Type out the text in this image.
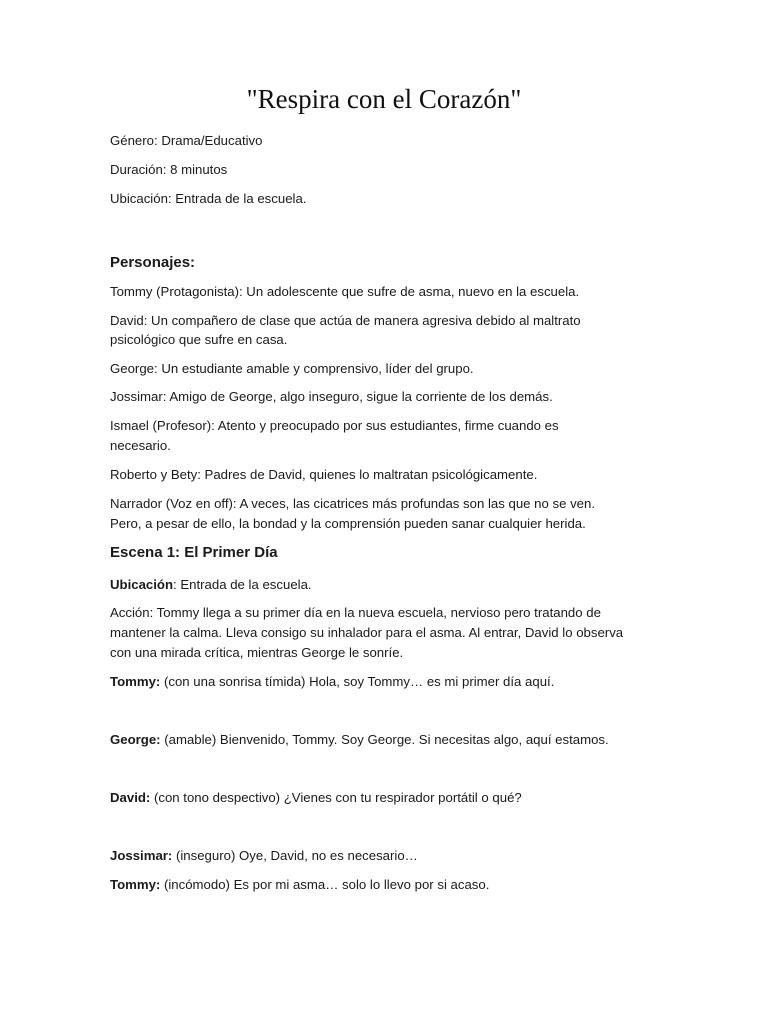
"Respira con el Corazón"
Género: Drama/Educativo
Duración: 8 minutos
Ubicación: Entrada de la escuela.
Personajes:
Tommy (Protagonista): Un adolescente que sufre de asma, nuevo en la escuela.
David: Un compañero de clase que actúa de manera agresiva debido al maltrato
psicológico que sufre en casa.
George: Un estudiante amable y comprensivo, líder del grupo.
Jossimar: Amigo de George, algo inseguro, sigue la corriente de los demás.
Ismael (Profesor): Atento y preocupado por sus estudiantes, firme cuando es
necesario.
Roberto y Bety: Padres de David, quienes lo maltratan psicológicamente.
Narrador (Voz en off): A veces, las cicatrices más profundas son las que no se ven.
Pero, a pesar de ello, la bondad y la comprensión pueden sanar cualquier herida.
Escena 1: El Primer Día
Ubicación: Entrada de la escuela.
Acción: Tommy llega a su primer día en la nueva escuela, nervioso pero tratando de
mantener la calma. Lleva consigo su inhalador para el asma. Al entrar, David lo observa
con una mirada crítica, mientras George le sonríe.
Tommy: (con una sonrisa tímida) Hola, soy Tommy… es mi primer día aquí.
George: (amable) Bienvenido, Tommy. Soy George. Si necesitas algo, aquí estamos.
David: (con tono despectivo) ¿Vienes con tu respirador portátil o qué?
Jossimar: (inseguro) Oye, David, no es necesario…
Tommy: (incómodo) Es por mi asma… solo lo llevo por si acaso.
